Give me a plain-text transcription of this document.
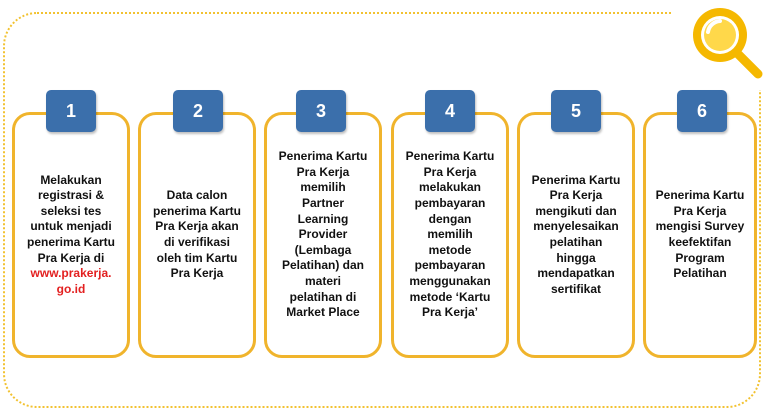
Melakukan
registrasi &
seleksi tes
untuk menjadi
penerima Kartu
Pra Kerja di
www.prakerja.
go.id
1
Data calon
penerima Kartu
Pra Kerja akan
di verifikasi
oleh tim Kartu
Pra Kerja
2
Penerima Kartu
Pra Kerja
memilih
Partner
Learning
Provider
(Lembaga
Pelatihan) dan
materi
pelatihan di
Market Place
3
Penerima Kartu
Pra Kerja
melakukan
pembayaran
dengan
memilih
metode
pembayaran
menggunakan
metode ‘Kartu
Pra Kerja’
4
Penerima Kartu
Pra Kerja
mengikuti dan
menyelesaikan
pelatihan
hingga
mendapatkan
sertifikat
5
Penerima Kartu
Pra Kerja
mengisi Survey
keefektifan
Program
Pelatihan
6
